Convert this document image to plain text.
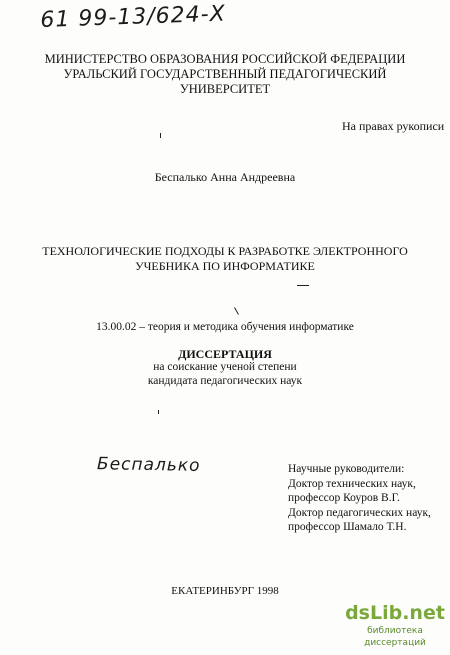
61 99-13/624-Х
МИНИСТЕРСТВО ОБРАЗОВАНИЯ РОССИЙСКОЙ ФЕДЕРАЦИИ
УРАЛЬСКИЙ ГОСУДАРСТВЕННЫЙ ПЕДАГОГИЧЕСКИЙ
УНИВЕРСИТЕТ
На правах рукописи
Беспалько Анна Андреевна
ТЕХНОЛОГИЧЕСКИЕ ПОДХОДЫ К РАЗРАБОТКЕ ЭЛЕКТРОННОГО
УЧЕБНИКА ПО ИНФОРМАТИКЕ
13.00.02 – теория и методика обучения информатике
ДИССЕРТАЦИЯ
на соискание ученой степени
кандидата педагогических наук
Беспалько	Научные руководители:
Доктор технических наук,
профессор Коуров В.Г.
Доктор педагогических наук,
профессор Шамало Т.Н.
ЕКАТЕРИНБУРГ 1998
dsLib.net
библиотека диссертаций
